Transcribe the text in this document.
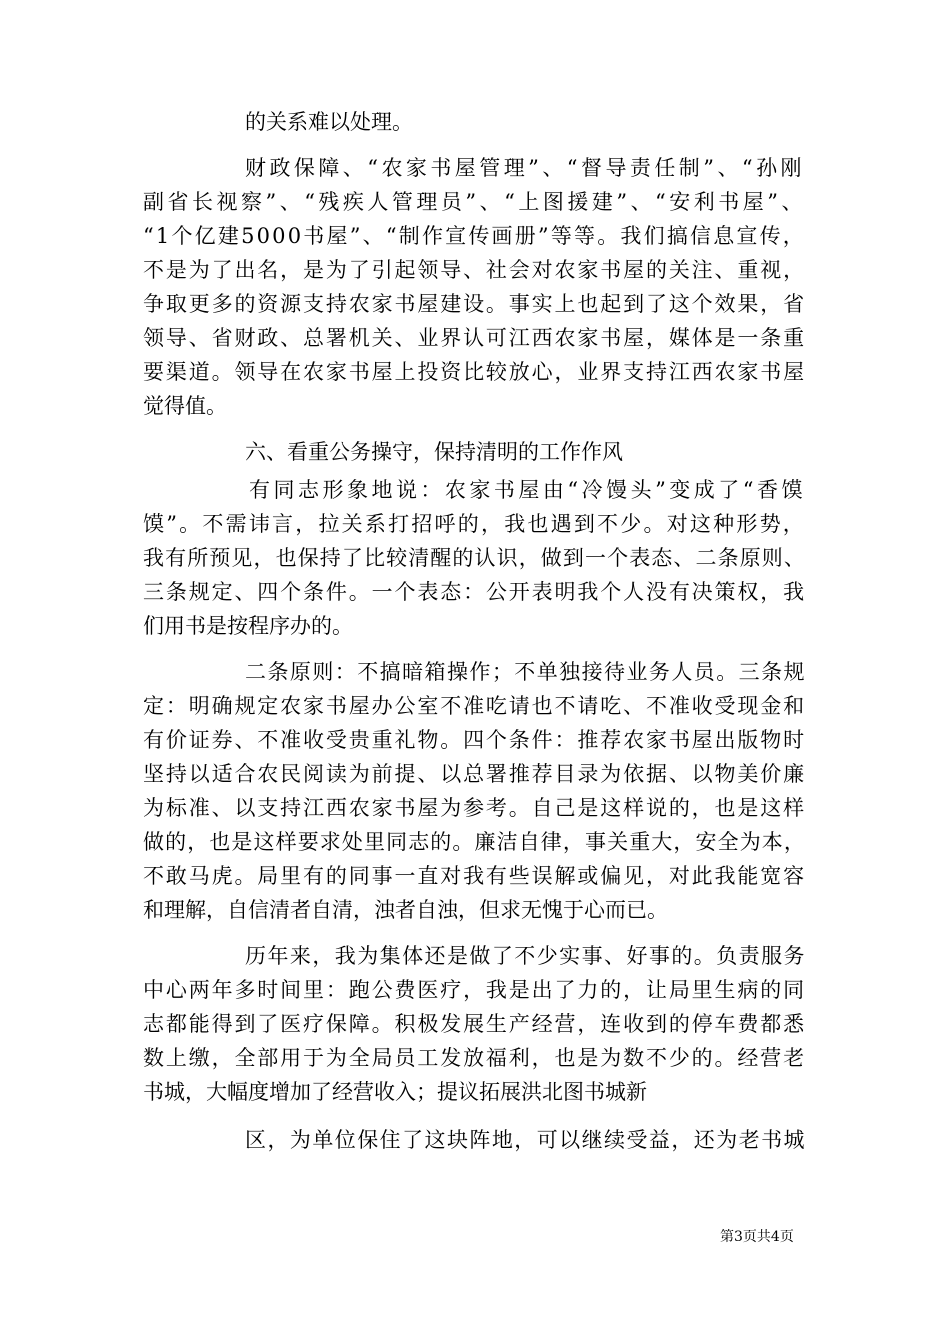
的关系难以处理。
财政保障、“农家书屋管理”、“督导责任制”、“孙刚
副省长视察”、“残疾人管理员”、“上图援建”、“安利书屋”、
“1个亿建5000书屋”、“制作宣传画册”等等。我们搞信息宣传，
不是为了出名，是为了引起领导、社会对农家书屋的关注、重视，
争取更多的资源支持农家书屋建设。事实上也起到了这个效果，省
领导、省财政、总署机关、业界认可江西农家书屋，媒体是一条重
要渠道。领导在农家书屋上投资比较放心，业界支持江西农家书屋
觉得值。
六、看重公务操守，保持清明的工作作风
有同志形象地说：农家书屋由“冷馒头”变成了“香馍
馍”。不需讳言，拉关系打招呼的，我也遇到不少。对这种形势，
我有所预见，也保持了比较清醒的认识，做到一个表态、二条原则、
三条规定、四个条件。一个表态：公开表明我个人没有决策权，我
们用书是按程序办的。
二条原则：不搞暗箱操作；不单独接待业务人员。三条规
定：明确规定农家书屋办公室不准吃请也不请吃、不准收受现金和
有价证券、不准收受贵重礼物。四个条件：推荐农家书屋出版物时
坚持以适合农民阅读为前提、以总署推荐目录为依据、以物美价廉
为标准、以支持江西农家书屋为参考。自己是这样说的，也是这样
做的，也是这样要求处里同志的。廉洁自律，事关重大，安全为本，
不敢马虎。局里有的同事一直对我有些误解或偏见，对此我能宽容
和理解，自信清者自清，浊者自浊，但求无愧于心而已。
历年来，我为集体还是做了不少实事、好事的。负责服务
中心两年多时间里：跑公费医疗，我是出了力的，让局里生病的同
志都能得到了医疗保障。积极发展生产经营，连收到的停车费都悉
数上缴，全部用于为全局员工发放福利，也是为数不少的。经营老
书城，大幅度增加了经营收入；提议拓展洪北图书城新
区，为单位保住了这块阵地，可以继续受益，还为老书城
第3页共4页
